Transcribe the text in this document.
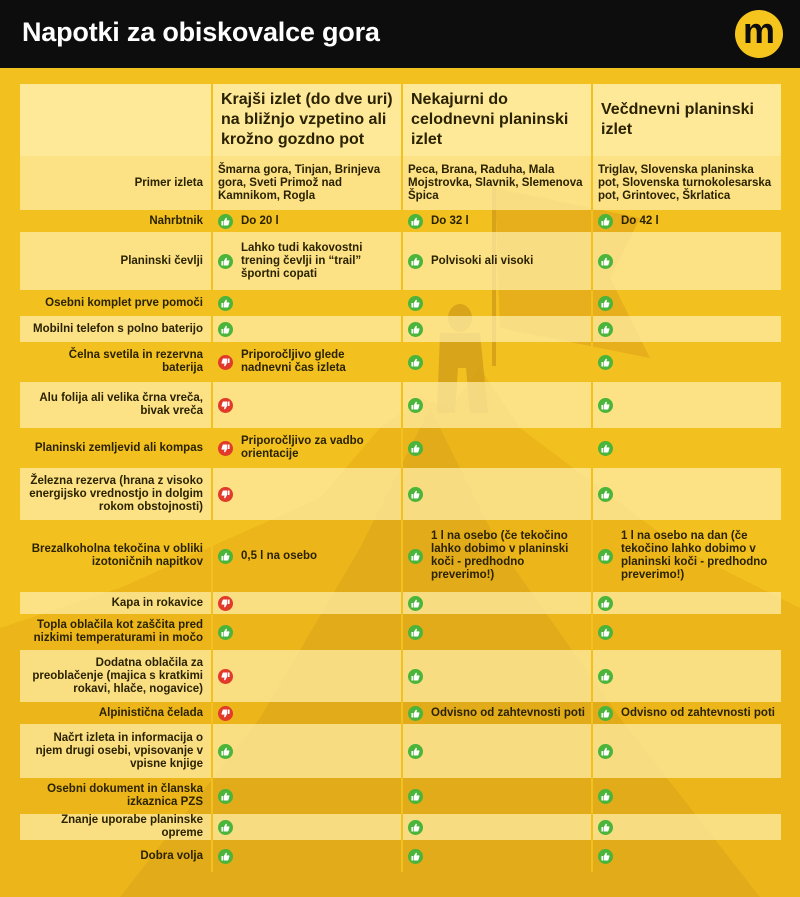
Napotki za obiskovalce gora	m
	Krajši izlet (do dve uri) na bližnjo vzpetino ali krožno gozdno pot	Nekajurni do celodnevni planinski izlet	Večdnevni planinski izlet
Primer izleta	Šmarna gora, Tinjan, Brinjeva gora, Sveti Primož nad Kamnikom, Rogla	Peca, Brana, Raduha, Mala Mojstrovka, Slavnik, Slemenova Špica	Triglav, Slovenska planinska pot, Slovenska turnokolesarska pot, Grintovec, Škrlatica

Nahrbtnik	Do 20 l	Do 32 l	Do 42 l

Planinski čevlji	Lahko tudi kakovostni trening čevlji in “trail” športni copati	Polvisoki ali visoki

Osebni komplet prve pomoči	

Mobilni telefon s polno baterijo	

Čelna svetila in rezervna baterija	Priporočljivo glede nadnevni čas izleta

Alu folija ali velika črna vreča, bivak vreča	

Planinski zemljevid ali kompas	Priporočljivo za vadbo orientacije

Železna rezerva (hrana z visoko energijsko vrednostjo in dolgim rokom obstojnosti)	

Brezalkoholna tekočina v obliki izotoničnih napitkov	0,5 l na osebo	1 l na osebo (če tekočino lahko dobimo v planinski koči - predhodno preverimo!)	1 l na osebo na dan (če tekočino lahko dobimo v planinski koči - predhodno preverimo!)

Kapa in rokavice	

Topla oblačila kot zaščita pred nizkimi temperaturami in močo	

Dodatna oblačila za preoblačenje (majica s kratkimi rokavi, hlače, nogavice)	

Alpinistična čelada		Odvisno od zahtevnosti poti	Odvisno od zahtevnosti poti

Načrt izleta in informacija o njem drugi osebi, vpisovanje v vpisne knjige	

Osebni dokument in članska izkaznica PZS	

Znanje uporabe planinske opreme	

Dobra volja	
